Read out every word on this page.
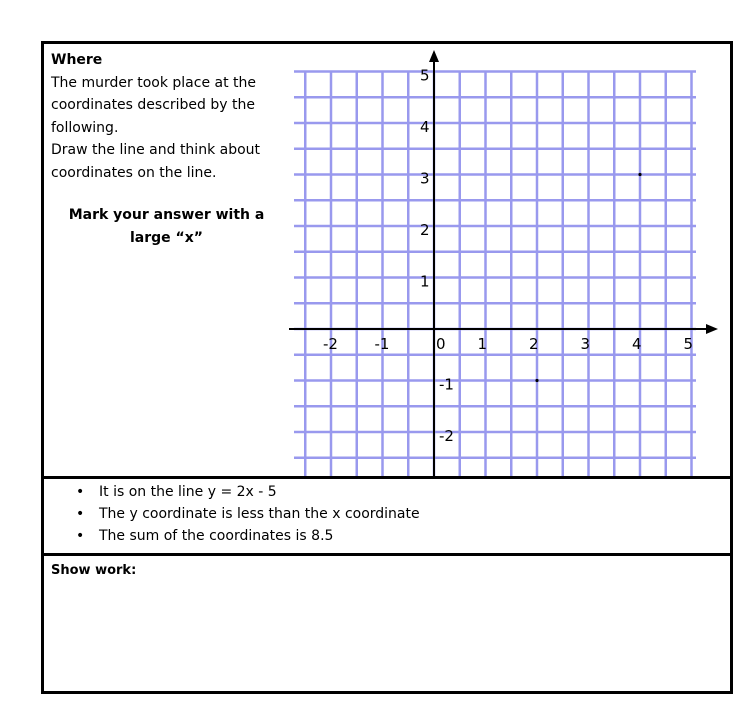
Where
The murder took place at the
coordinates described by the
following.
Draw the line and think about
coordinates on the line.
Mark your answer with a
large “x”
-2 -1	0 1	2	3	4	5
5
4
3
2
1
-1
-2
• It is on the line y = 2x - 5
• The y coordinate is less than the x coordinate
• The sum of the coordinates is 8.5
Show work:
